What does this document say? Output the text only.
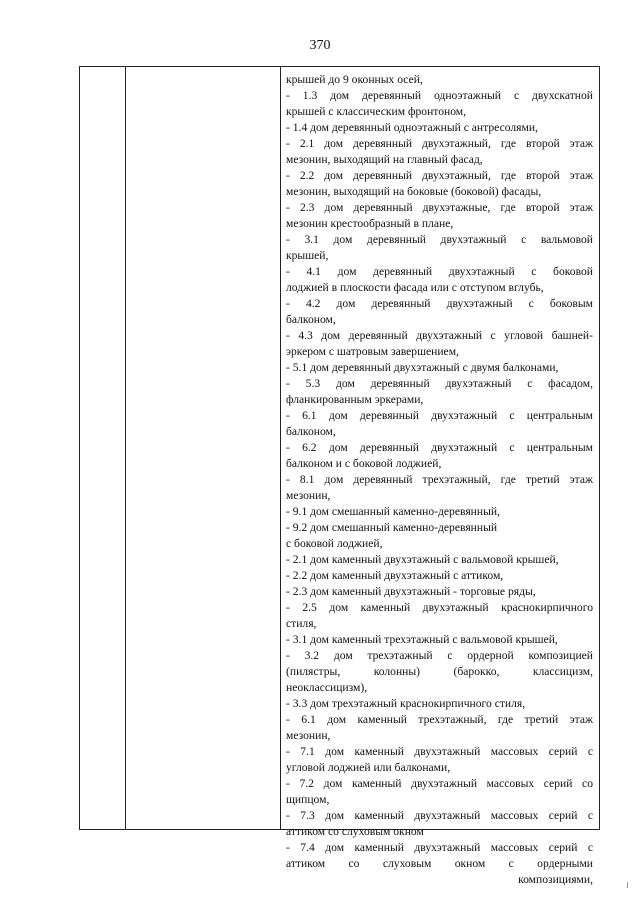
370
крышей до 9 оконных осей,
- 1.3 дом деревянный одноэтажный с двухскатной
крышей с классическим фронтоном,
- 1.4 дом деревянный одноэтажный с антресолями,
- 2.1 дом деревянный двухэтажный, где второй этаж
мезонин, выходящий на главный фасад,
- 2.2 дом деревянный двухэтажный, где второй этаж
мезонин, выходящий на боковые (боковой) фасады,
- 2.3 дом деревянный двухэтажные, где второй этаж
мезонин крестообразный в плане,
- 3.1 дом деревянный двухэтажный с вальмовой
крышей,
- 4.1 дом деревянный двухэтажный с боковой
лоджией в плоскости фасада или с отступом вглубь,
- 4.2 дом деревянный двухэтажный с боковым
балконом,
- 4.3 дом деревянный двухэтажный с угловой башней-
эркером с шатровым завершением,
- 5.1 дом деревянный двухэтажный с двумя балконами,
- 5.3 дом деревянный двухэтажный с фасадом,
фланкированным эркерами,
- 6.1 дом деревянный двухэтажный с центральным
балконом,
- 6.2 дом деревянный двухэтажный с центральным
балконом и с боковой лоджией,
- 8.1 дом деревянный трехэтажный, где третий этаж
мезонин,
- 9.1 дом смешанный каменно-деревянный,
- 9.2 дом смешанный каменно-деревянный
с боковой лоджией,
- 2.1 дом каменный двухэтажный с вальмовой крышей,
- 2.2 дом каменный двухэтажный с аттиком,
- 2.3 дом каменный двухэтажный - торговые ряды,
- 2.5 дом каменный двухэтажный краснокирпичного
стиля,
- 3.1 дом каменный трехэтажный с вальмовой крышей,
- 3.2 дом трехэтажный с ордерной композицией
(пилястры, колонны) (барокко, классицизм,
неоклассицизм),
- 3.3 дом трехэтажный краснокирпичного стиля,
- 6.1 дом каменный трехэтажный, где третий этаж
мезонин,
- 7.1 дом каменный двухэтажный массовых серий с
угловой лоджией или балконами,
- 7.2 дом каменный двухэтажный массовых серий со
щипцом,
- 7.3 дом каменный двухэтажный массовых серий с
аттиком со слуховым окном
- 7.4 дом каменный двухэтажный массовых серий с
аттиком со слуховым окном с ордерными
композициями,
